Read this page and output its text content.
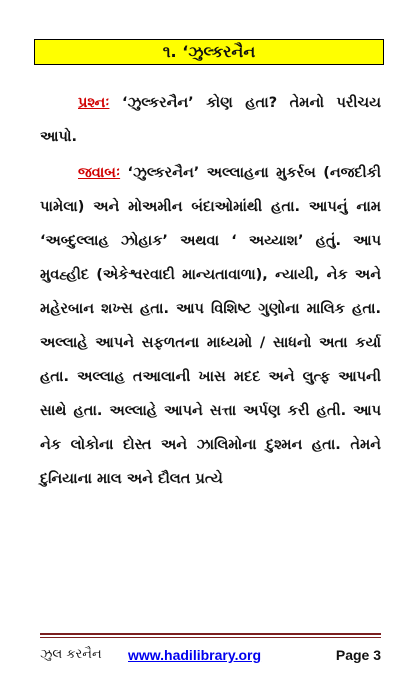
૧. ‘ઝુલ્કરનૈન
પ્રશ્નઃ ‘ઝુલ્કરનૈન’ કોણ હતા? તેમનો પરીચય આપો.
જવાબઃ ‘ઝુલ્કરનૈન’ અલ્લાહના મુકર્રબ (નજદીકી પામેલા) અને મોઅમીન બંદાઓમાંથી હતા. આપનું નામ ‘અબ્દુલ્લાહ ઝોહાક’ અથવા ‘ અય્યાશ’ હતું. આપ મુવહ્હીદ (એકેશ્વરવાદી માન્યતાવાળા), ન્યાયી, નેક અને મહેરબાન શખ્સ હતા. આપ વિશિષ્ટ ગુણોના માલિક હતા. અલ્લાહે આપને સફળતના માધ્યમો / સાધનો અતા કર્યા હતા. અલ્લાહ તઆલાની ખાસ મદદ અને લુત્ફ આપની સાથે હતા. અલ્લાહે આપને સત્તા અર્પણ કરી હતી. આપ નેક લોકોના દોસ્ત અને ઝાલિમોના દુશ્મન હતા. તેમને દુનિયાના માલ અને દૌલત પ્રત્યે
ઝુલ કરનૈન www.hadilibrary.org	Page 3
